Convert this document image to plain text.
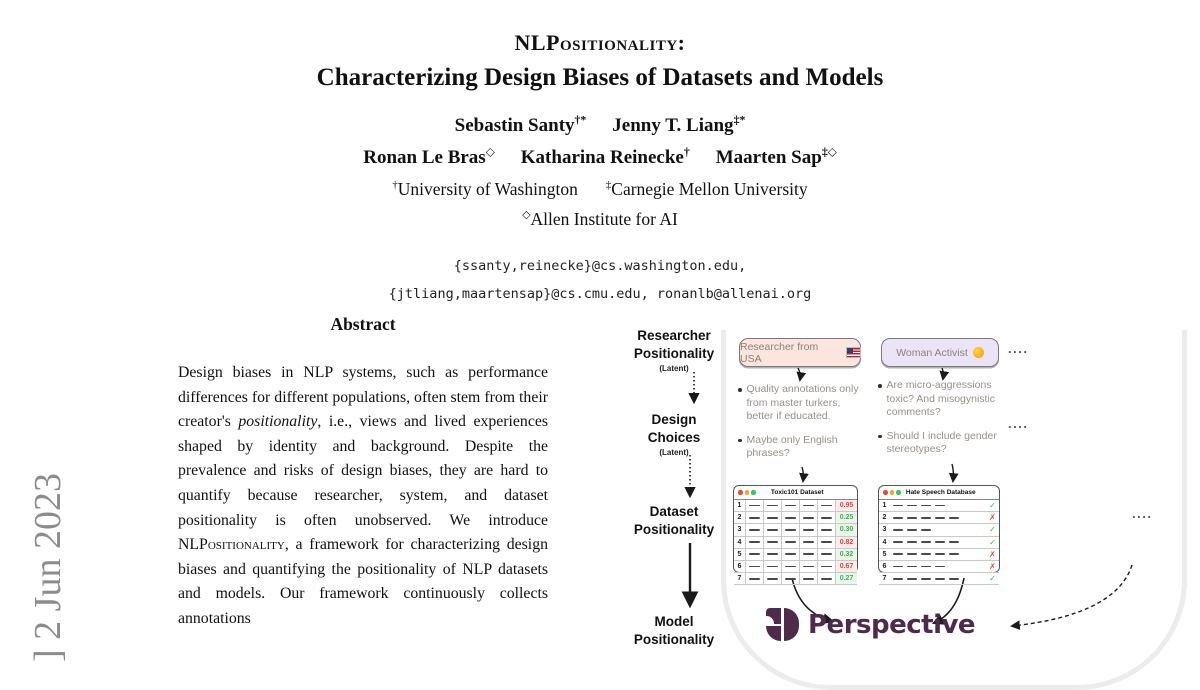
] 2 Jun 2023
NLPositionality:
Characterizing Design Biases of Datasets and Models
Sebastin Santy†* Jenny T. Liang‡*
Ronan Le Bras◇ Katharina Reinecke† Maarten Sap‡◇
†University of Washington	‡Carnegie Mellon University
◇Allen Institute for AI
{ssanty,reinecke}@cs.washington.edu,
{jtliang,maartensap}@cs.cmu.edu, ronanlb@allenai.org
Abstract

Design biases in NLP systems, such as performance differences for different populations, often stem from their creator's positionality, i.e., views and lived experiences shaped by identity and background. Despite the prevalence and risks of design biases, they are hard to quantify because researcher, system, and dataset positionality is often unobserved. We introduce NLPositionality, a framework for characterizing design biases and quantifying the positionality of NLP datasets and models. Our framework continuously collects annotations

Researcher
Positionality
(Latent)
Design
Choices
(Latent)
Dataset
Positionality
Model
Positionality
Researcher from USA	Woman Activist
Quality annotations only from master turkers, better if educated.
Maybe only English phrases?
Are micro-aggressions toxic? And misogynistic comments?
Should I include gender stereotypes?
Toxic101 Dataset
1	0.95
2	0.25
3	0.30
4	0.82
5	0.32
6	0.67
7	0.27
Hate Speech Database
1	✓
2	✗
3	✓
4	✓
5	✗
6	✗
7	✓
....
....
....
Perspective
